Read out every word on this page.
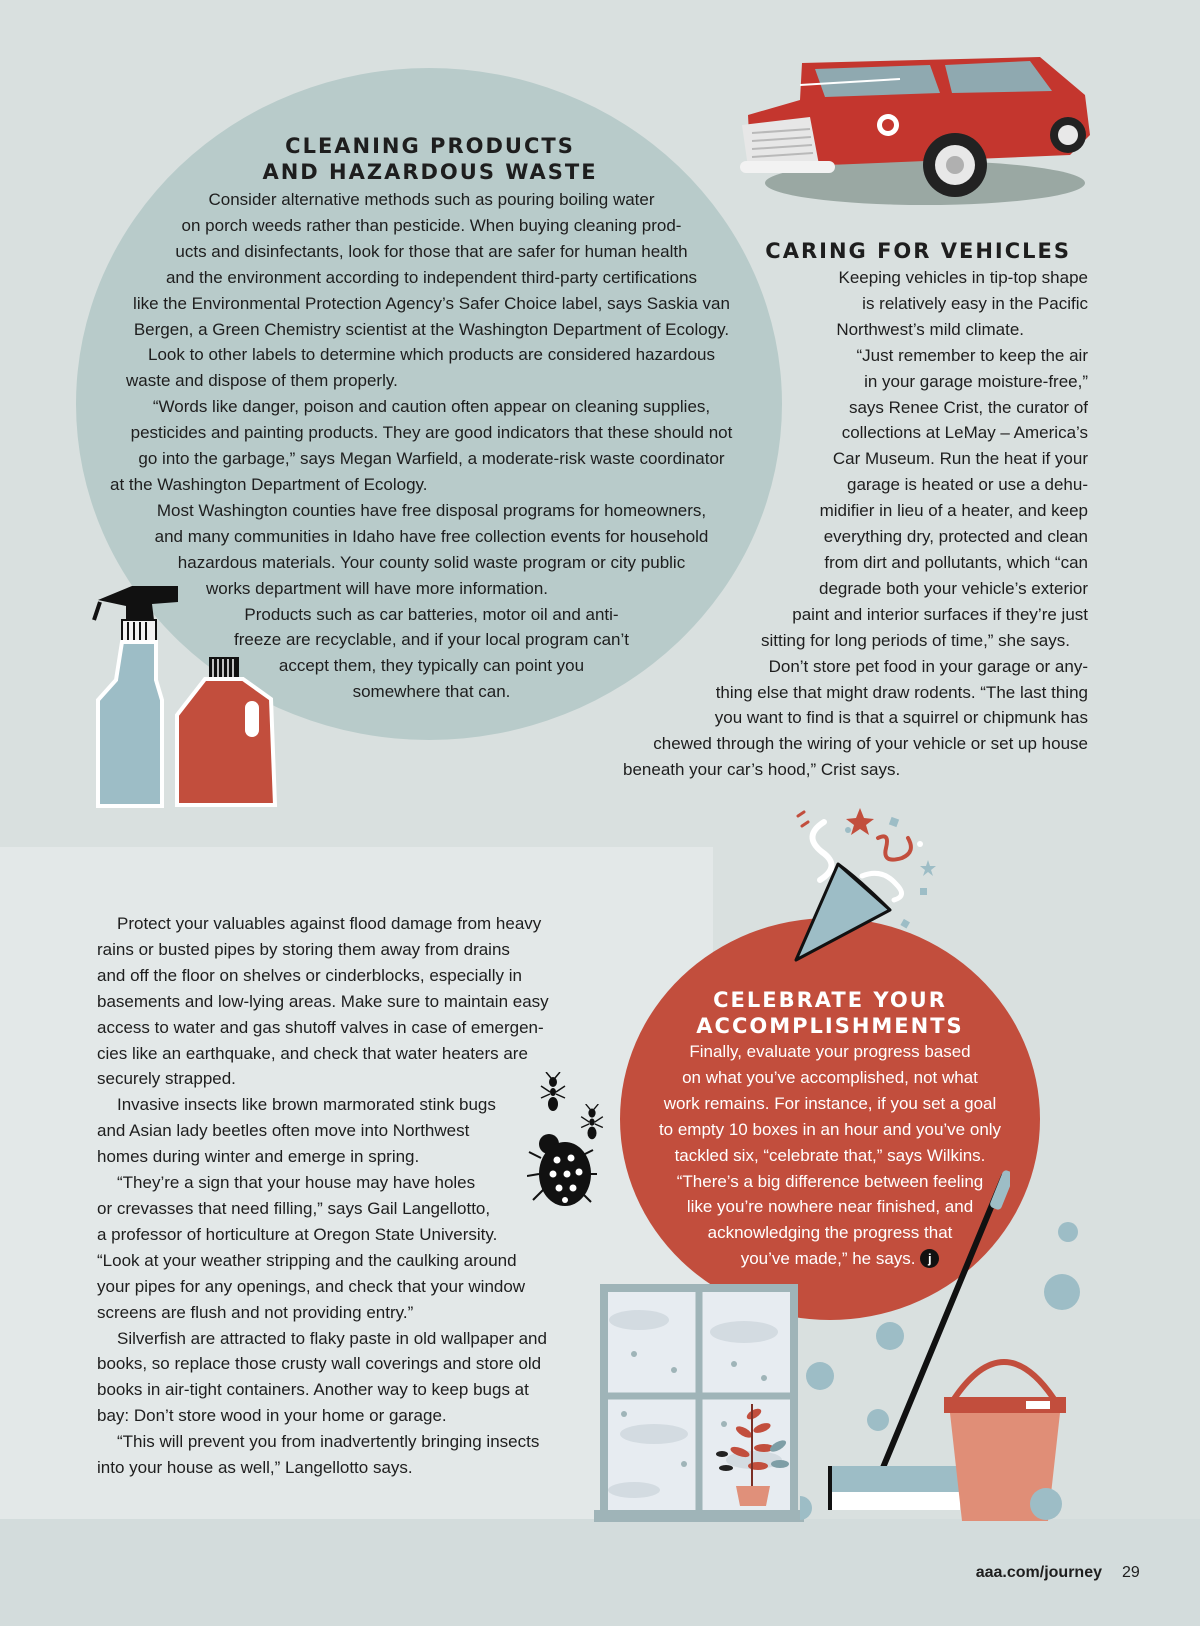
CLEANING PRODUCTS
AND HAZARDOUS WASTE

Consider alternative methods such as pouring boiling water

on porch weeds rather than pesticide. When buying cleaning prod-

ucts and disinfectants, look for those that are safer for human health

and the environment according to independent third-party certifications

like the Environmental Protection Agency’s Safer Choice label, says Saskia van

Bergen, a Green Chemistry scientist at the Washington Department of Ecology.

Look to other labels to determine which products are considered hazardous

waste and dispose of them properly.

“Words like danger, poison and caution often appear on cleaning supplies,

pesticides and painting products. They are good indicators that these should not

go into the garbage,” says Megan Warfield, a moderate-risk waste coordinator

at the Washington Department of Ecology.

Most Washington counties have free disposal programs for homeowners,

and many communities in Idaho have free collection events for household

hazardous materials. Your county solid waste program or city public

works department will have more information.

Products such as car batteries, motor oil and anti-

freeze are recyclable, and if your local program can’t

accept them, they typically can point you

somewhere that can.

CARING FOR VEHICLES

Keeping vehicles in tip-top shape

is relatively easy in the Pacific

Northwest’s mild climate.

“Just remember to keep the air

in your garage moisture-free,”

says Renee Crist, the curator of

collections at LeMay – America’s

Car Museum. Run the heat if your

garage is heated or use a dehu-

midifier in lieu of a heater, and keep

everything dry, protected and clean

from dirt and pollutants, which “can

degrade both your vehicle’s exterior

paint and interior surfaces if they’re just

sitting for long periods of time,” she says.

Don’t store pet food in your garage or any-

thing else that might draw rodents. “The last thing

you want to find is that a squirrel or chipmunk has

chewed through the wiring of your vehicle or set up house

beneath your car’s hood,” Crist says.

Protect your valuables against flood damage from heavy

rains or busted pipes by storing them away from drains

and off the floor on shelves or cinderblocks, especially in

basements and low-lying areas. Make sure to maintain easy

access to water and gas shutoff valves in case of emergen-

cies like an earthquake, and check that water heaters are

securely strapped.

Invasive insects like brown marmorated stink bugs

and Asian lady beetles often move into Northwest

homes during winter and emerge in spring.

“They’re a sign that your house may have holes

or crevasses that need filling,” says Gail Langellotto,

a professor of horticulture at Oregon State University.

“Look at your weather stripping and the caulking around

your pipes for any openings, and check that your window

screens are flush and not providing entry.”

Silverfish are attracted to flaky paste in old wallpaper and

books, so replace those crusty wall coverings and store old

books in air-tight containers. Another way to keep bugs at

bay: Don’t store wood in your home or garage.

“This will prevent you from inadvertently bringing insects

into your house as well,” Langellotto says.

CELEBRATE YOUR
ACCOMPLISHMENTS

Finally, evaluate your progress based

on what you’ve accomplished, not what

work remains. For instance, if you set a goal

to empty 10 boxes in an hour and you’ve only

tackled six, “celebrate that,” says Wilkins.

“There’s a big difference between feeling

like you’re nowhere near finished, and

acknowledging the progress that

you’ve made,” he says. j

aaa.com/journey 29
